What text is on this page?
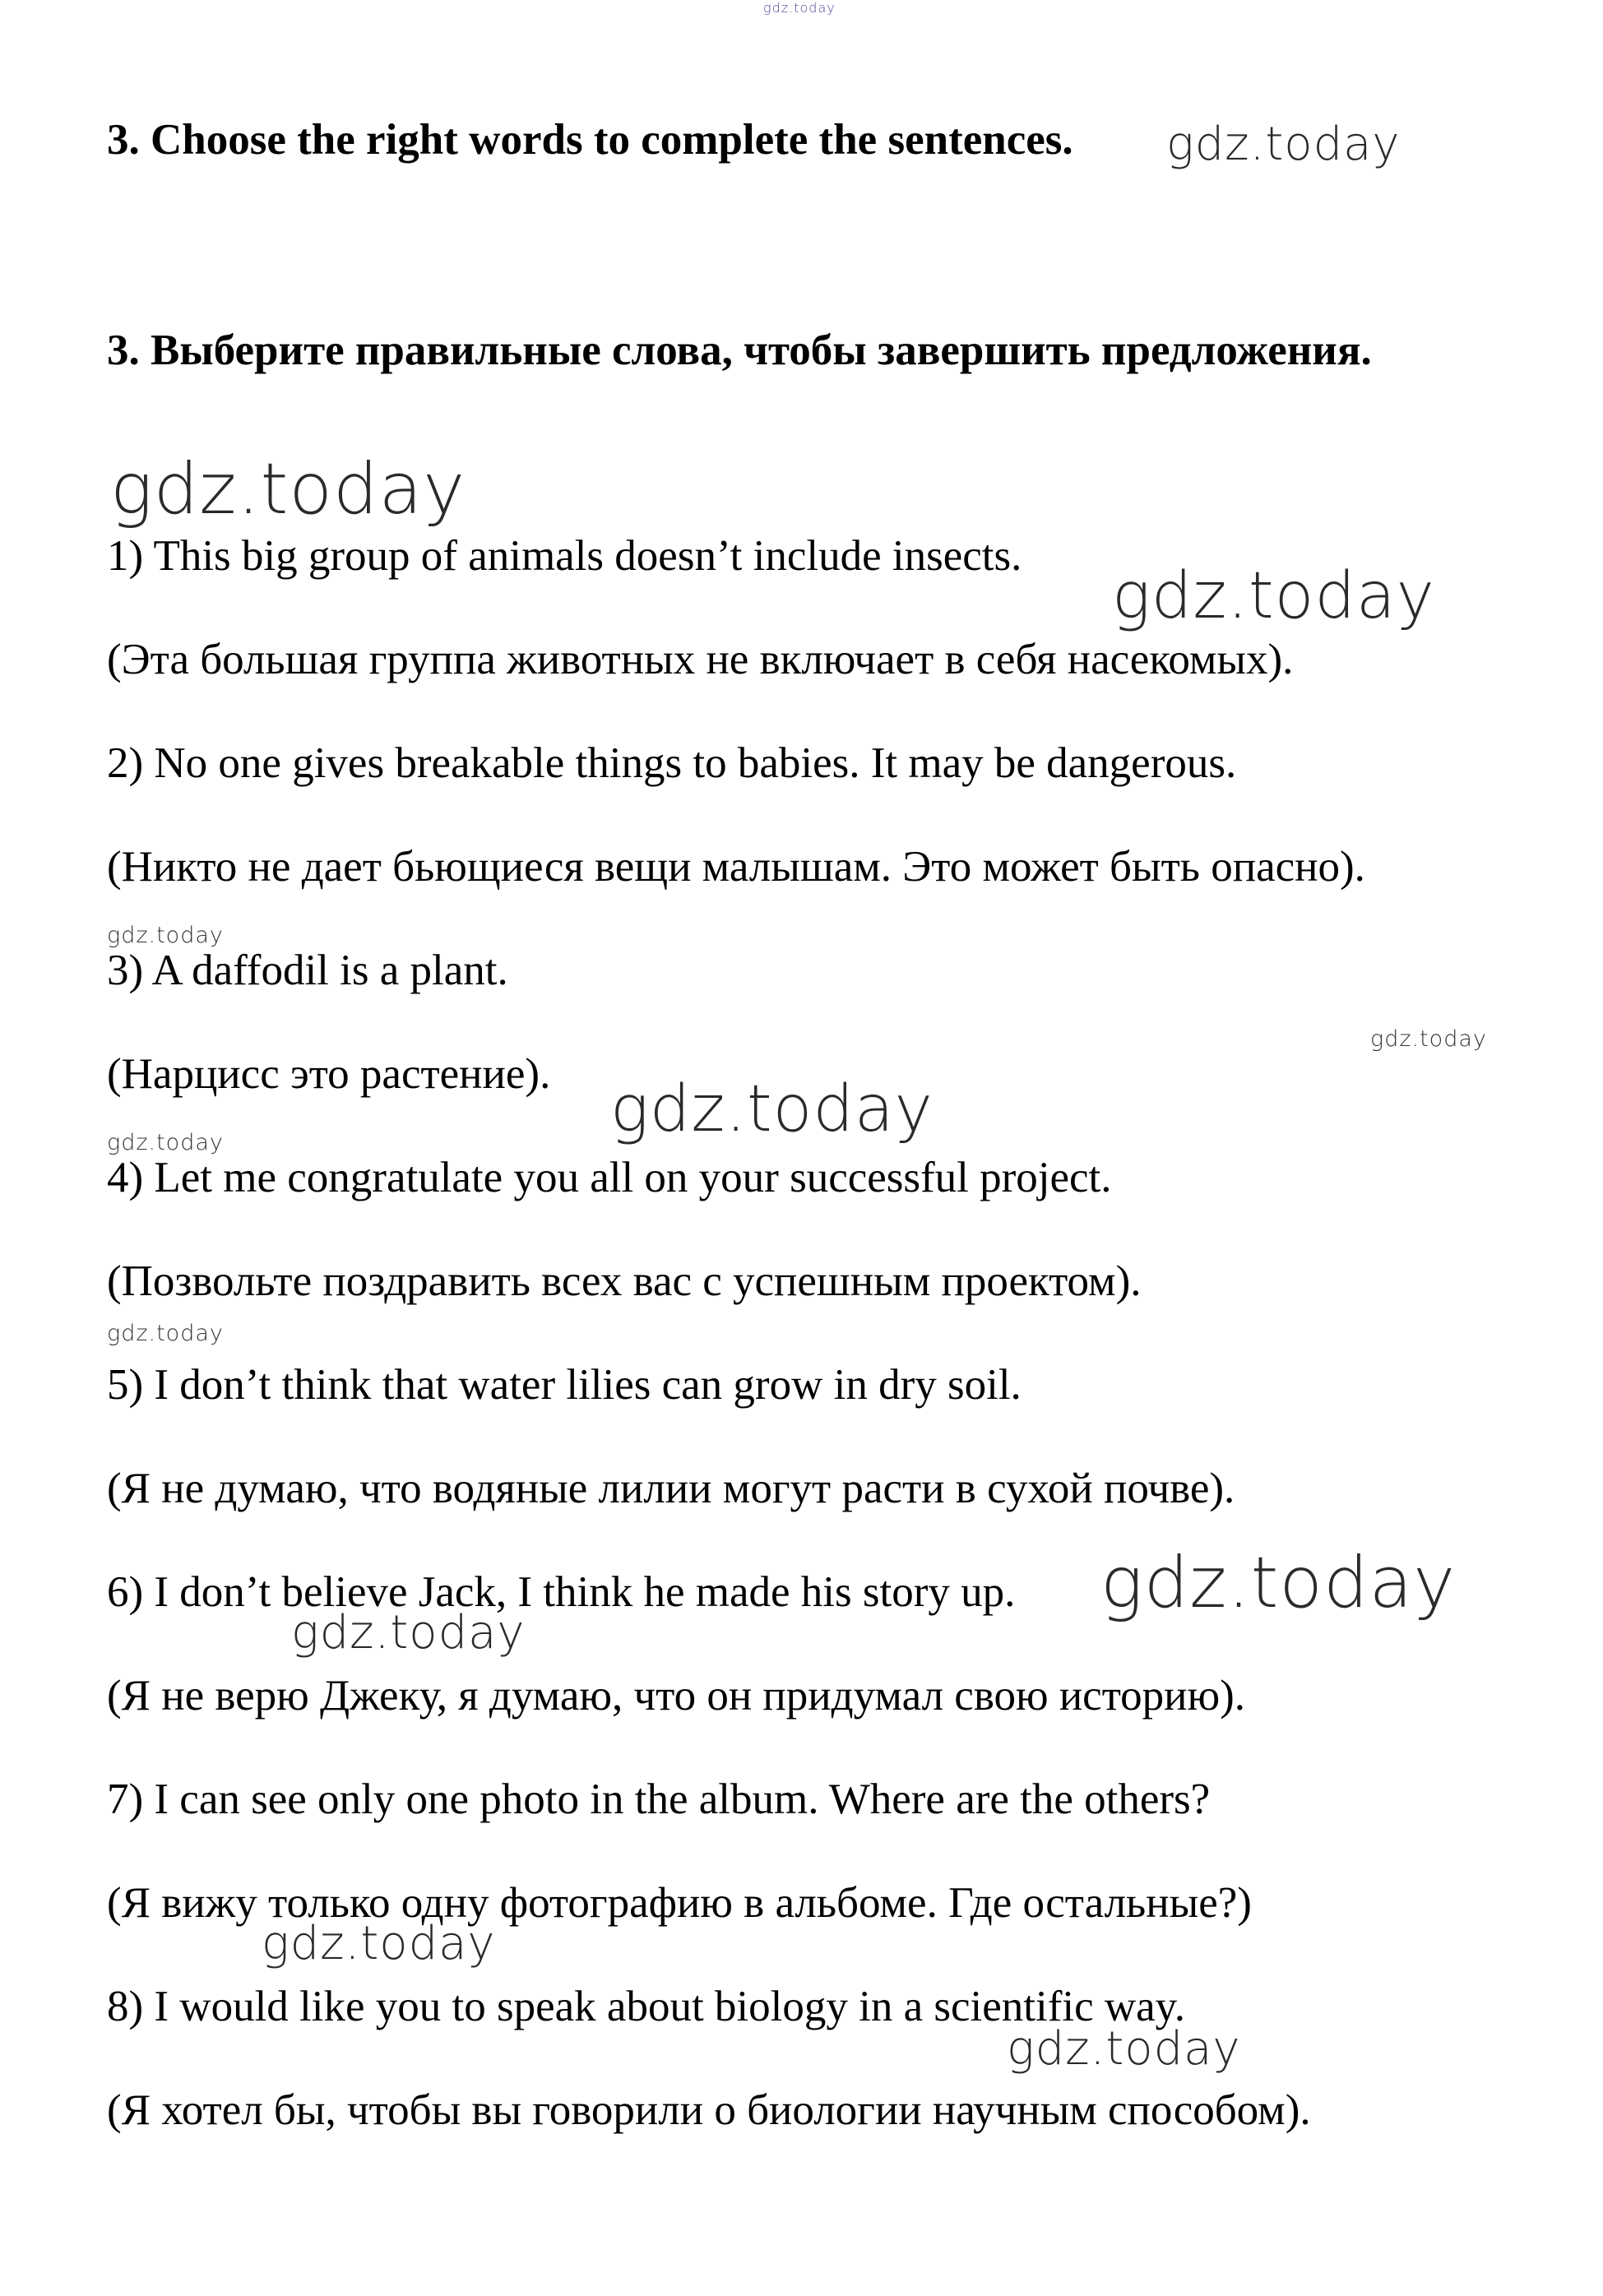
gdz.today
3. Choose the right words to complete the sentences. gdz.today
3. Выберите правильные слова, чтобы завершить предложения.
gdz.today
1) This big group of animals doesn’t include insects.
gdz.today
(Эта большая группа животных не включает в себя насекомых).
2) No one gives breakable things to babies. It may be dangerous.
(Никто не дает бьющиеся вещи малышам. Это может быть опасно).
gdz.today
3) A daffodil is a plant.
gdz.today
(Нарцисс это растение). gdz.today
gdz.today
4) Let me congratulate you all on your successful project.
(Позвольте поздравить всех вас с успешным проектом).
gdz.today
5) I don’t think that water lilies can grow in dry soil.
(Я не думаю, что водяные лилии могут расти в сухой почве).
6) I don’t believe Jack, I think he made his story up. gdz.today
gdz.today
(Я не верю Джеку, я думаю, что он придумал свою историю).
7) I can see only one photo in the album. Where are the others?
(Я вижу только одну фотографию в альбоме. Где остальные?)
gdz.today
8) I would like you to speak about biology in a scientific way.
gdz.today
(Я хотел бы, чтобы вы говорили о биологии научным способом).
